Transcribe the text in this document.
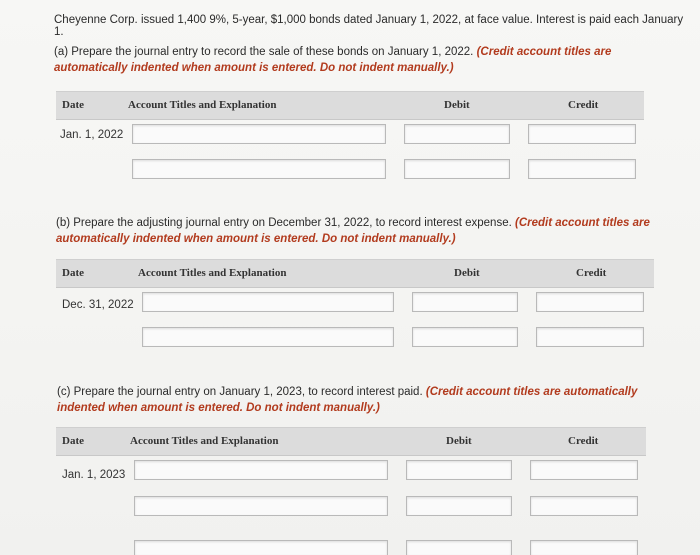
Cheyenne Corp. issued 1,400 9%, 5-year, $1,000 bonds dated January 1, 2022, at face value. Interest is paid each January 1.
(a) Prepare the journal entry to record the sale of these bonds on January 1, 2022. (Credit account titles are automatically indented when amount is entered. Do not indent manually.)
Date	Account Titles and Explanation	Debit	Credit
Jan. 1, 2022
(b) Prepare the adjusting journal entry on December 31, 2022, to record interest expense. (Credit account titles are automatically indented when amount is entered. Do not indent manually.)
Date	Account Titles and Explanation	Debit	Credit
Dec. 31, 2022
(c) Prepare the journal entry on January 1, 2023, to record interest paid. (Credit account titles are automatically indented when amount is entered. Do not indent manually.)
Date	Account Titles and Explanation	Debit	Credit
Jan. 1, 2023
